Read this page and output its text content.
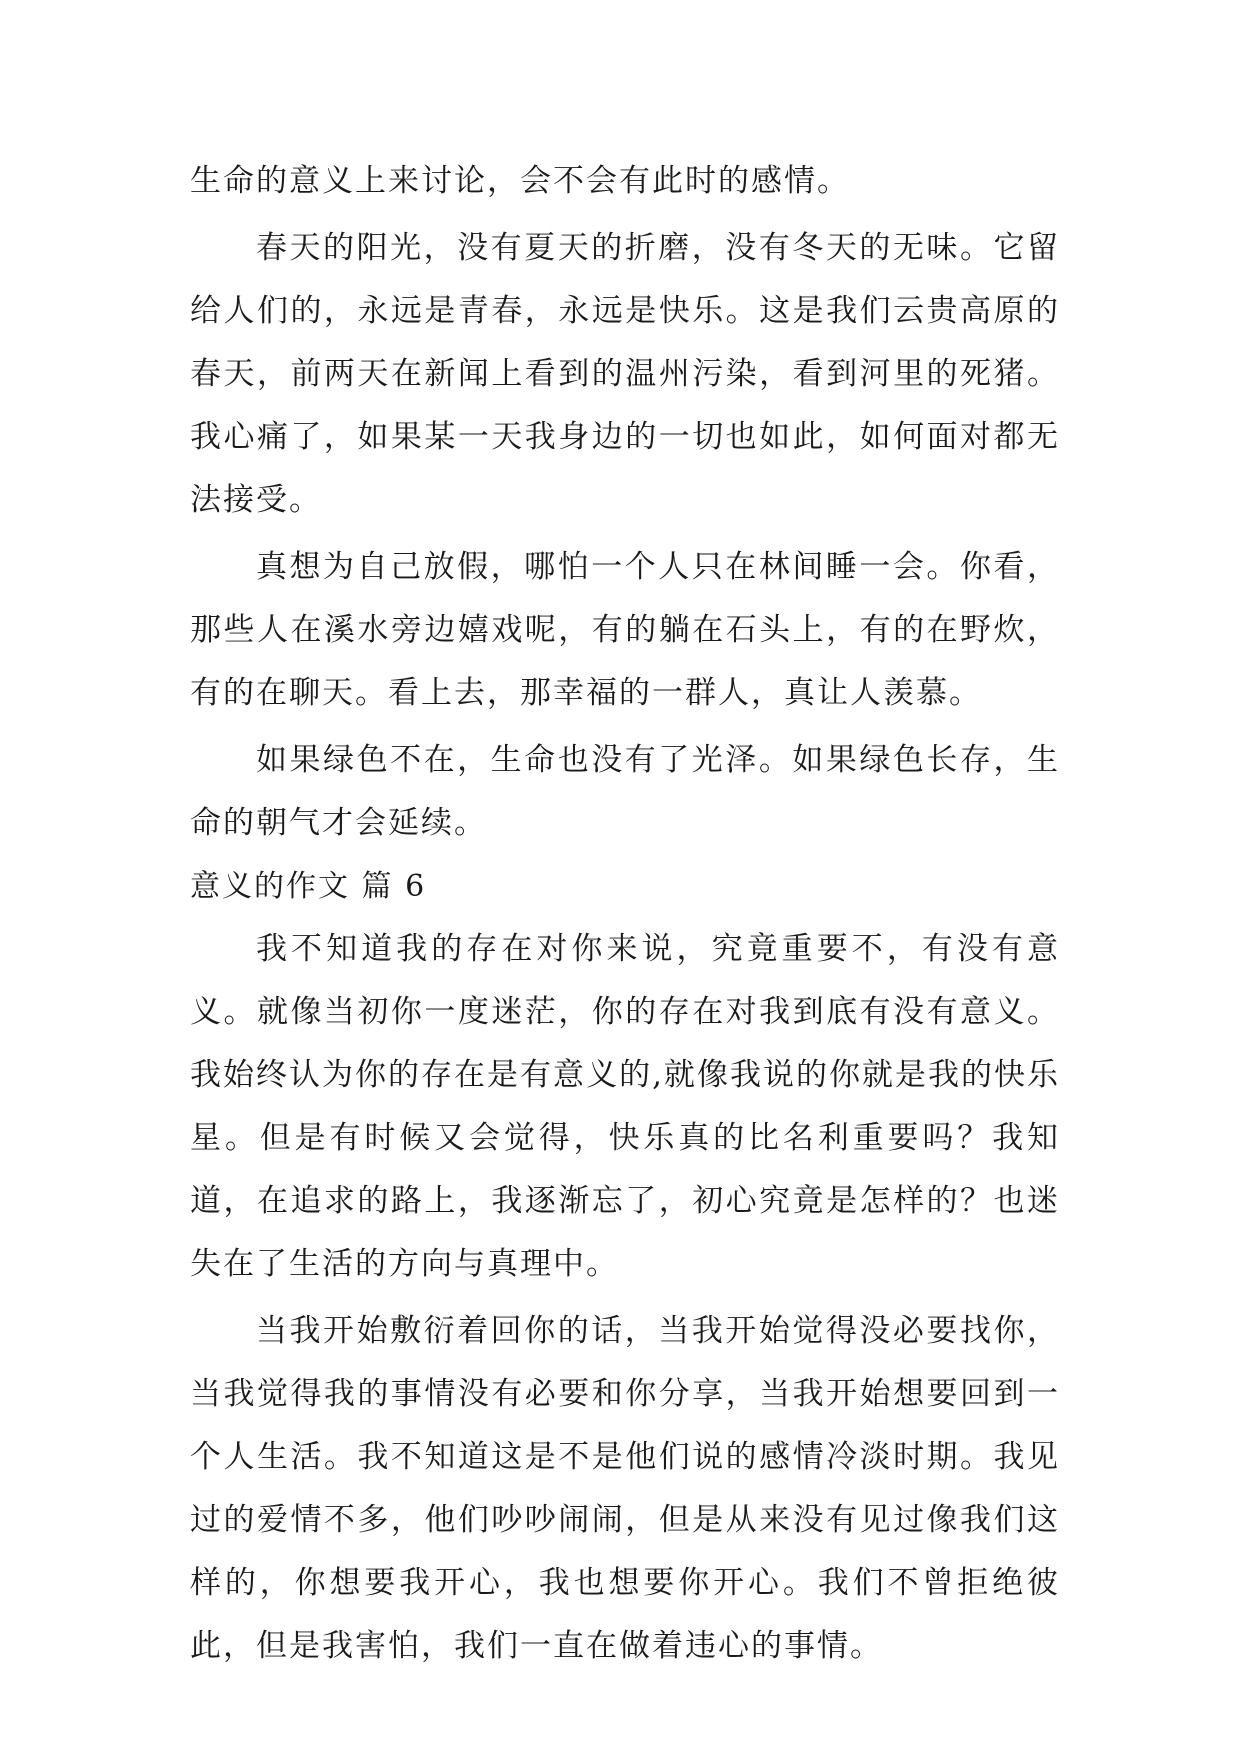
生命的意义上来讨论，会不会有此时的感情。

春天的阳光，没有夏天的折磨，没有冬天的无味。它留给人们的，永远是青春，永远是快乐。这是我们云贵高原的春天，前两天在新闻上看到的温州污染，看到河里的死猪。我心痛了，如果某一天我身边的一切也如此，如何面对都无法接受。

真想为自己放假，哪怕一个人只在林间睡一会。你看，那些人在溪水旁边嬉戏呢，有的躺在石头上，有的在野炊，有的在聊天。看上去，那幸福的一群人，真让人羡慕。

如果绿色不在，生命也没有了光泽。如果绿色长存，生命的朝气才会延续。

意义的作文 篇 6

我不知道我的存在对你来说，究竟重要不，有没有意义。就像当初你一度迷茫，你的存在对我到底有没有意义。我始终认为你的存在是有意义的,就像我说的你就是我的快乐星。但是有时候又会觉得，快乐真的比名利重要吗？我知道，在追求的路上，我逐渐忘了，初心究竟是怎样的？也迷失在了生活的方向与真理中。

当我开始敷衍着回你的话，当我开始觉得没必要找你，当我觉得我的事情没有必要和你分享，当我开始想要回到一个人生活。我不知道这是不是他们说的感情冷淡时期。我见过的爱情不多，他们吵吵闹闹，但是从来没有见过像我们这样的，你想要我开心，我也想要你开心。我们不曾拒绝彼此，但是我害怕，我们一直在做着违心的事情。
